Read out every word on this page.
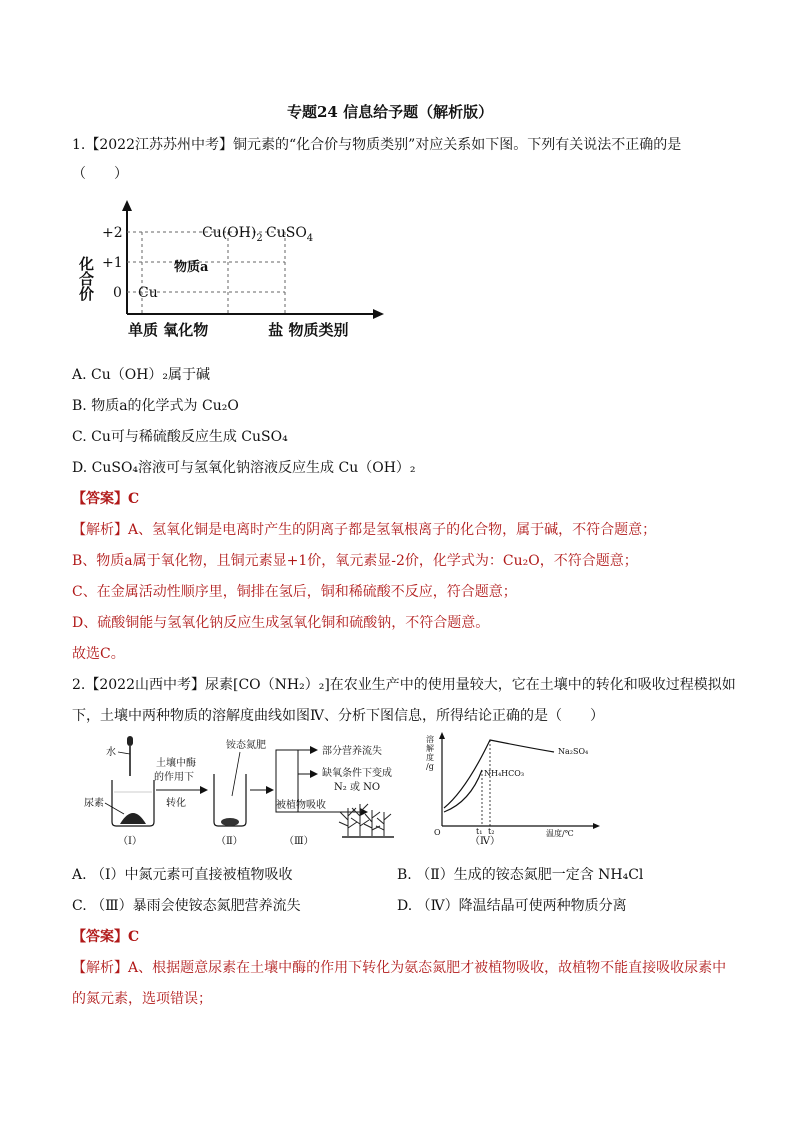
专题24 信息给予题（解析版）
1.【2022江苏苏州中考】铜元素的“化合价与物质类别”对应关系如下图。下列有关说法不正确的是
（　　）
化合价
+2
+1
0 Cu
物质a
$Cu(OH)_2$ CuSO$_4$
单质 氧化物　　　　盐 物质类别
A. Cu（OH）₂属于碱
B. 物质a的化学式为 Cu₂O
C. Cu可与稀硫酸反应生成 CuSO₄
D. CuSO₄溶液可与氢氧化钠溶液反应生成 Cu（OH）₂
【答案】C
【解析】A、氢氧化铜是电离时产生的阴离子都是氢氧根离子的化合物，属于碱，不符合题意；
B、物质a属于氧化物，且铜元素显+1价，氧元素显-2价，化学式为：Cu₂O，不符合题意；
C、在金属活动性顺序里，铜排在氢后，铜和稀硫酸不反应，符合题意；
D、硫酸铜能与氢氧化钠反应生成氢氧化铜和硫酸钠，不符合题意。
故选C。
2.【2022山西中考】尿素[CO（NH₂）₂]在农业生产中的使用量较大，它在土壤中的转化和吸收过程模拟如
下，土壤中两种物质的溶解度曲线如图Ⅳ、分析下图信息，所得结论正确的是（　　）
水
尿素
土壤中酶
的作用下
转化
（Ⅰ）
铵态氮肥
（Ⅱ）
部分营养流失
缺氧条件下变成
N₂ 或 NO
被植物吸收
（Ⅲ）
溶
解
度
/g
O	温度/℃
Na₂SO₄
NH₄HCO₃
t₁ t₂
（Ⅳ）
A. （Ⅰ）中氮元素可直接被植物吸收	B. （Ⅱ）生成的铵态氮肥一定含 NH₄Cl
C. （Ⅲ）暴雨会使铵态氮肥营养流失	D. （Ⅳ）降温结晶可使两种物质分离
【答案】C
【解析】A、根据题意尿素在土壤中酶的作用下转化为氨态氮肥才被植物吸收，故植物不能直接吸收尿素中
的氮元素，选项错误；
